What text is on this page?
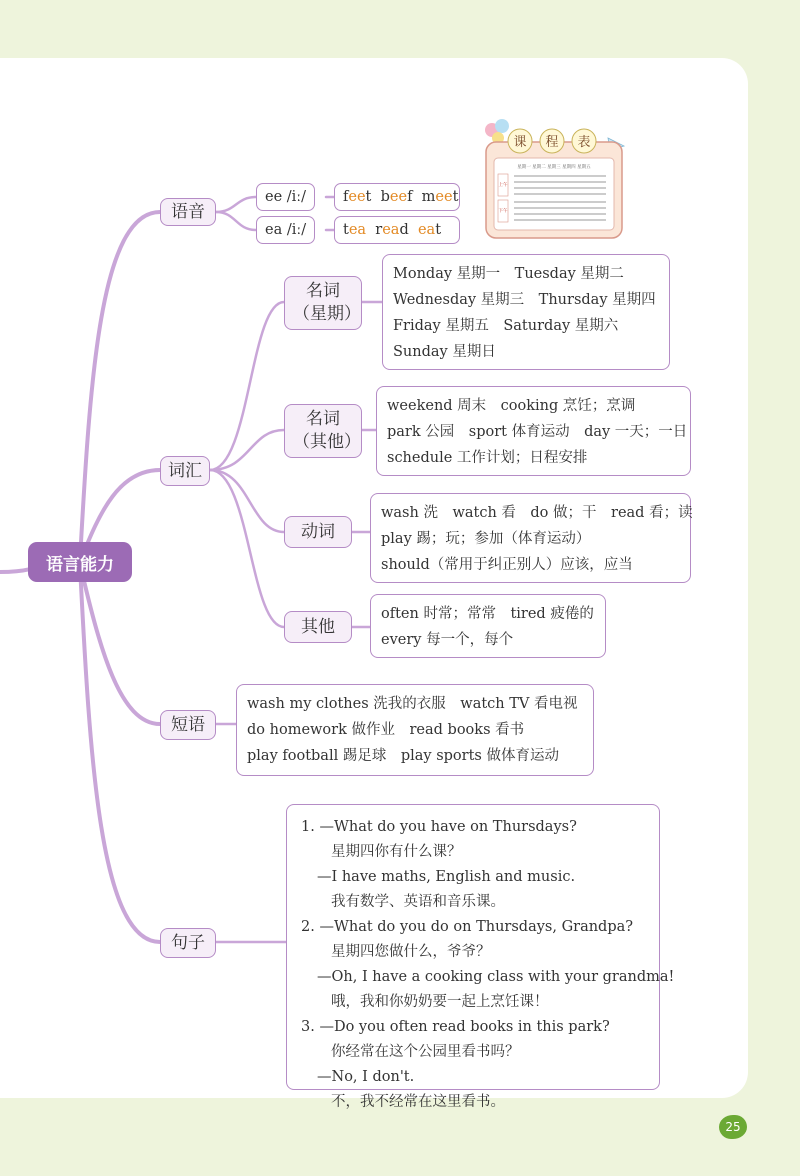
语言能力
语音
ee /iː/
ea /iː/
feet beef meet
tea read eat
词汇
名词（星期）
名词（其他）
动词
其他
Monday 星期一　Tuesday 星期二
Wednesday 星期三　Thursday 星期四
Friday 星期五　Saturday 星期六
Sunday 星期日
weekend 周末　cooking 烹饪；烹调
park 公园　sport 体育运动　day 一天；一日
schedule 工作计划；日程安排
wash 洗　watch 看　do 做；干　read 看；读
play 踢；玩；参加（体育运动）
should（常用于纠正别人）应该，应当
often 时常；常常　tired 疲倦的
every 每一个，每个
短语
wash my clothes 洗我的衣服　watch TV 看电视
do homework 做作业　read books 看书
play football 踢足球　play sports 做体育运动
句子
1. —What do you have on Thursdays?
星期四你有什么课？
—I have maths, English and music.
我有数学、英语和音乐课。
2. —What do you do on Thursdays, Grandpa?
星期四您做什么，爷爷？
—Oh, I have a cooking class with your grandma!
哦，我和你奶奶要一起上烹饪课！
3. —Do you often read books in this park?
你经常在这个公园里看书吗？
—No, I don't.
不，我不经常在这里看书。
课 程 表
星期一 星期二 星期三 星期四 星期五
上午
下午
25
